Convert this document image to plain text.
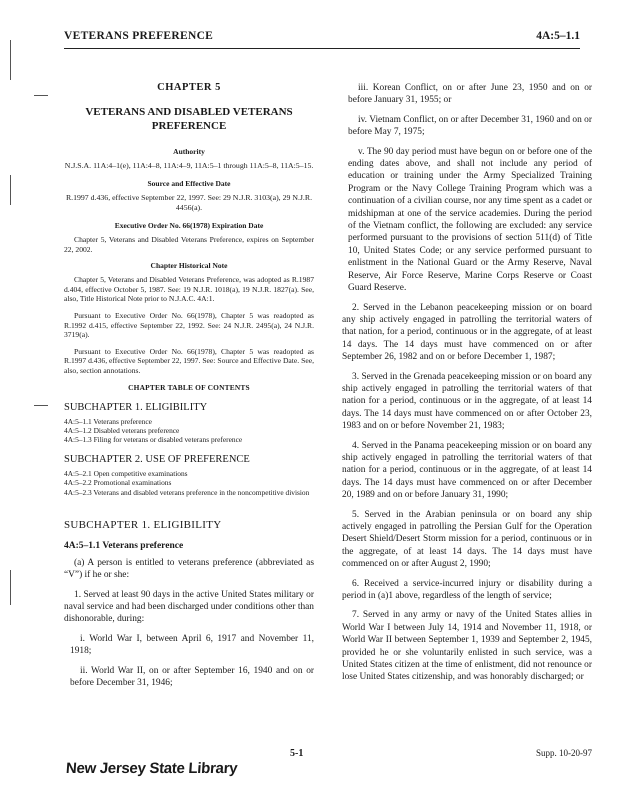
VETERANS PREFERENCE	4A:5–1.1

CHAPTER 5

VETERANS AND DISABLED VETERANS PREFERENCE

Authority

N.J.S.A. 11A:4–1(e), 11A:4–8, 11A:4–9, 11A:5–1 through 11A:5–8, 11A:5–15.

Source and Effective Date

R.1997 d.436, effective September 22, 1997. See: 29 N.J.R. 3103(a), 29 N.J.R. 4456(a).

Executive Order No. 66(1978) Expiration Date

Chapter 5, Veterans and Disabled Veterans Preference, expires on September 22, 2002.

Chapter Historical Note

Chapter 5, Veterans and Disabled Veterans Preference, was adopted as R.1987 d.404, effective October 5, 1987. See: 19 N.J.R. 1018(a), 19 N.J.R. 1827(a). See, also, Title Historical Note prior to N.J.A.C. 4A:1.

Pursuant to Executive Order No. 66(1978), Chapter 5 was readopted as R.1992 d.415, effective September 22, 1992. See: 24 N.J.R. 2495(a), 24 N.J.R. 3719(a).

Pursuant to Executive Order No. 66(1978), Chapter 5 was readopted as R.1997 d.436, effective September 22, 1997. See: Source and Effective Date. See, also, section annotations.

CHAPTER TABLE OF CONTENTS

SUBCHAPTER 1. ELIGIBILITY

4A:5–1.1 Veterans preference

4A:5–1.2 Disabled veterans preference

4A:5–1.3 Filing for veterans or disabled veterans preference

SUBCHAPTER 2. USE OF PREFERENCE

4A:5–2.1 Open competitive examinations

4A:5–2.2 Promotional examinations

4A:5–2.3 Veterans and disabled veterans preference in the noncompetitive division

SUBCHAPTER 1. ELIGIBILITY

4A:5–1.1 Veterans preference

(a) A person is entitled to veterans preference (abbreviated as “V”) if he or she:

1. Served at least 90 days in the active United States military or naval service and had been discharged under conditions other than dishonorable, during:

i. World War I, between April 6, 1917 and November 11, 1918;

ii. World War II, on or after September 16, 1940 and on or before December 31, 1946;

iii. Korean Conflict, on or after June 23, 1950 and on or before January 31, 1955; or

iv. Vietnam Conflict, on or after December 31, 1960 and on or before May 7, 1975;

v. The 90 day period must have begun on or before one of the ending dates above, and shall not include any period of education or training under the Army Specialized Training Program or the Navy College Training Program which was a continuation of a civilian course, nor any time spent as a cadet or midshipman at one of the service academies. During the period of the Vietnam conflict, the following are excluded: any service performed pursuant to the provisions of section 511(d) of Title 10, United States Code; or any service performed pursuant to enlistment in the National Guard or the Army Reserve, Naval Reserve, Air Force Reserve, Marine Corps Reserve or Coast Guard Reserve.

2. Served in the Lebanon peacekeeping mission or on board any ship actively engaged in patrolling the territorial waters of that nation, for a period, continuous or in the aggregate, of at least 14 days. The 14 days must have commenced on or after September 26, 1982 and on or before December 1, 1987;

3. Served in the Grenada peacekeeping mission or on board any ship actively engaged in patrolling the territorial waters of that nation for a period, continuous or in the aggregate, of at least 14 days. The 14 days must have commenced on or after October 23, 1983 and on or before November 21, 1983;

4. Served in the Panama peacekeeping mission or on board any ship actively engaged in patrolling the territorial waters of that nation for a period, continuous or in the aggregate, of at least 14 days. The 14 days must have commenced on or after December 20, 1989 and on or before January 31, 1990;

5. Served in the Arabian peninsula or on board any ship actively engaged in patrolling the Persian Gulf for the Operation Desert Shield/Desert Storm mission for a period, continuous or in the aggregate, of at least 14 days. The 14 days must have commenced on or after August 2, 1990;

6. Received a service-incurred injury or disability during a period in (a)1 above, regardless of the length of service;

7. Served in any army or navy of the United States allies in World War I between July 14, 1914 and November 11, 1918, or World War II between September 1, 1939 and September 2, 1945, provided he or she voluntarily enlisted in such service, was a United States citizen at the time of enlistment, did not renounce or lose United States citizenship, and was honorably discharged; or

5-1	Supp. 10-20-97
New Jersey State Library
